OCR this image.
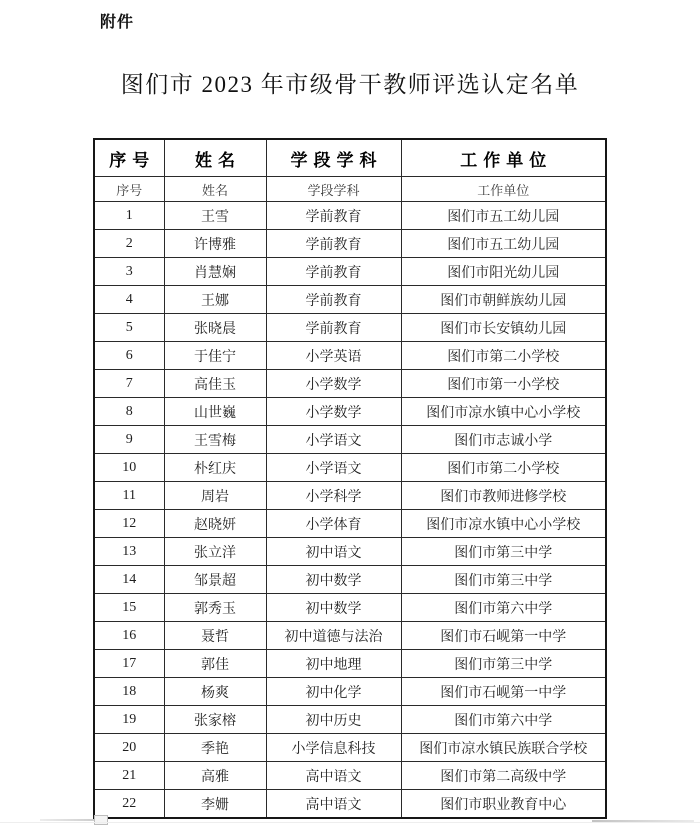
附件
图们市 2023 年市级骨干教师评选认定名单
序号	姓名	学段学科	工作单位
序号	姓名	学段学科	工作单位
1	王雪	学前教育	图们市五工幼儿园
2	许博雅	学前教育	图们市五工幼儿园
3	肖慧娴	学前教育	图们市阳光幼儿园
4	王娜	学前教育	图们市朝鲜族幼儿园
5	张晓晨	学前教育	图们市长安镇幼儿园
6	于佳宁	小学英语	图们市第二小学校
7	高佳玉	小学数学	图们市第一小学校
8	山世巍	小学数学	图们市凉水镇中心小学校
9	王雪梅	小学语文	图们市志诚小学
10	朴红庆	小学语文	图们市第二小学校
11	周岩	小学科学	图们市教师进修学校
12	赵晓妍	小学体育	图们市凉水镇中心小学校
13	张立洋	初中语文	图们市第三中学
14	邹景超	初中数学	图们市第三中学
15	郭秀玉	初中数学	图们市第六中学
16	聂哲	初中道德与法治	图们市石岘第一中学
17	郭佳	初中地理	图们市第三中学
18	杨爽	初中化学	图们市石岘第一中学
19	张家榕	初中历史	图们市第六中学
20	季艳	小学信息科技	图们市凉水镇民族联合学校
21	高雅	高中语文	图们市第二高级中学
22	李姗	高中语文	图们市职业教育中心
